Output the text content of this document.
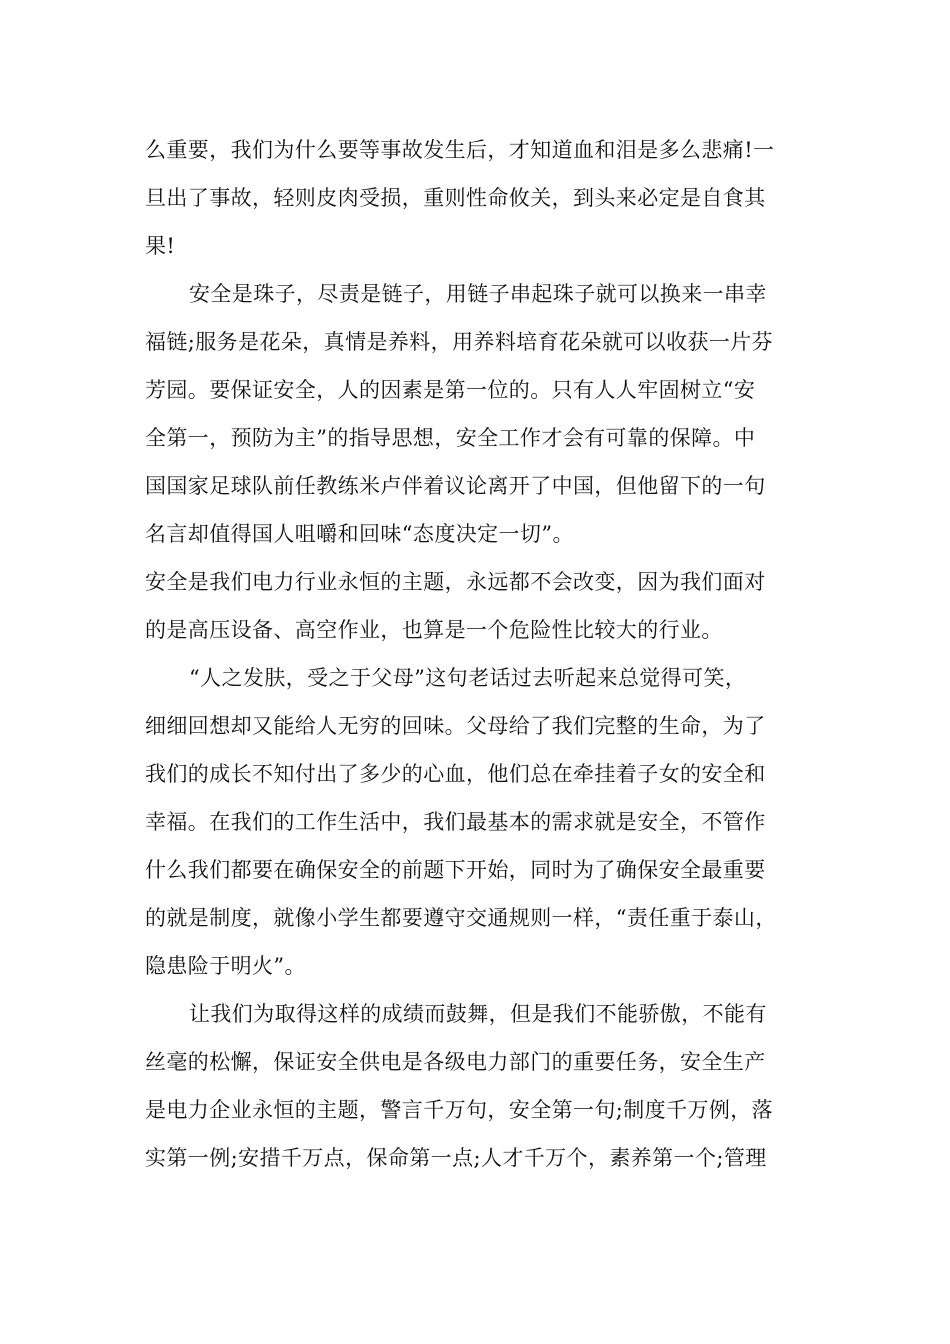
么重要，我们为什么要等事故发生后，才知道血和泪是多么悲痛!一
旦出了事故，轻则皮肉受损，重则性命攸关，到头来必定是自食其
果!
安全是珠子，尽责是链子，用链子串起珠子就可以换来一串幸
福链;服务是花朵，真情是养料，用养料培育花朵就可以收获一片芬
芳园。要保证安全，人的因素是第一位的。只有人人牢固树立“安
全第一，预防为主”的指导思想，安全工作才会有可靠的保障。中
国国家足球队前任教练米卢伴着议论离开了中国，但他留下的一句
名言却值得国人咀嚼和回味“态度决定一切”。
安全是我们电力行业永恒的主题，永远都不会改变，因为我们面对
的是高压设备、高空作业，也算是一个危险性比较大的行业。
“人之发肤，受之于父母”这句老话过去听起来总觉得可笑，
细细回想却又能给人无穷的回味。父母给了我们完整的生命，为了
我们的成长不知付出了多少的心血，他们总在牵挂着子女的安全和
幸福。在我们的工作生活中，我们最基本的需求就是安全，不管作
什么我们都要在确保安全的前题下开始，同时为了确保安全最重要
的就是制度，就像小学生都要遵守交通规则一样，“责任重于泰山，
隐患险于明火”。
让我们为取得这样的成绩而鼓舞，但是我们不能骄傲，不能有
丝毫的松懈，保证安全供电是各级电力部门的重要任务，安全生产
是电力企业永恒的主题，警言千万句，安全第一句;制度千万例，落
实第一例;安措千万点，保命第一点;人才千万个，素养第一个;管理
